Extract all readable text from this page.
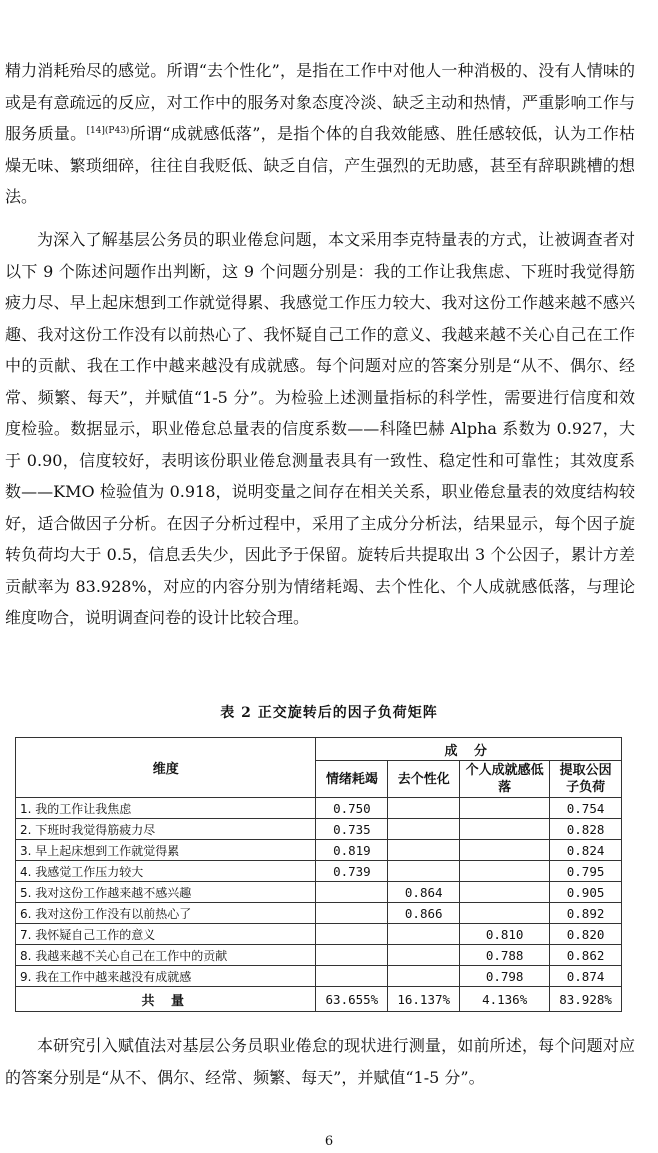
精力消耗殆尽的感觉。所谓“去个性化”，是指在工作中对他人一种消极的、没有人情味的或是有意疏远的反应，对工作中的服务对象态度冷淡、缺乏主动和热情，严重影响工作与服务质量。$^{[14](P43)}$所谓“成就感低落”，是指个体的自我效能感、胜任感较低，认为工作枯燥无味、繁琐细碎，往往自我贬低、缺乏自信，产生强烈的无助感，甚至有辞职跳槽的想法。

为深入了解基层公务员的职业倦怠问题，本文采用李克特量表的方式，让被调查者对以下 9 个陈述问题作出判断，这 9 个问题分别是：我的工作让我焦虑、下班时我觉得筋疲力尽、早上起床想到工作就觉得累、我感觉工作压力较大、我对这份工作越来越不感兴趣、我对这份工作没有以前热心了、我怀疑自己工作的意义、我越来越不关心自己在工作中的贡献、我在工作中越来越没有成就感。每个问题对应的答案分别是“从不、偶尔、经常、频繁、每天”，并赋值“1-5 分”。为检验上述测量指标的科学性，需要进行信度和效度检验。数据显示，职业倦怠总量表的信度系数——科隆巴赫 Alpha 系数为 0.927，大于 0.90，信度较好，表明该份职业倦怠测量表具有一致性、稳定性和可靠性；其效度系数——KMO 检验值为 0.918，说明变量之间存在相关关系，职业倦怠量表的效度结构较好，适合做因子分析。在因子分析过程中，采用了主成分分析法，结果显示，每个因子旋转负荷均大于 0.5，信息丢失少，因此予于保留。旋转后共提取出 3 个公因子，累计方差贡献率为 83.928%，对应的内容分别为情绪耗竭、去个性化、个人成就感低落，与理论维度吻合，说明调查问卷的设计比较合理。

表 2 正交旋转后的因子负荷矩阵
维度	成 分			
	情绪耗竭	去个性化	个人成就感低落	提取公因子负荷
1. 我的工作让我焦虑	0.750			0.754
2. 下班时我觉得筋疲力尽	0.735			0.828
3. 早上起床想到工作就觉得累	0.819			0.824
4. 我感觉工作压力较大	0.739			0.795
5. 我对这份工作越来越不感兴趣		0.864		0.905
6. 我对这份工作没有以前热心了		0.866		0.892
7. 我怀疑自己工作的意义			0.810	0.820
8. 我越来越不关心自己在工作中的贡献			0.788	0.862
9. 我在工作中越来越没有成就感			0.798	0.874
共 量	63.655%	16.137%	4.136%	83.928%

本研究引入赋值法对基层公务员职业倦怠的现状进行测量，如前所述，每个问题对应的答案分别是“从不、偶尔、经常、频繁、每天”，并赋值“1-5 分”。

6
